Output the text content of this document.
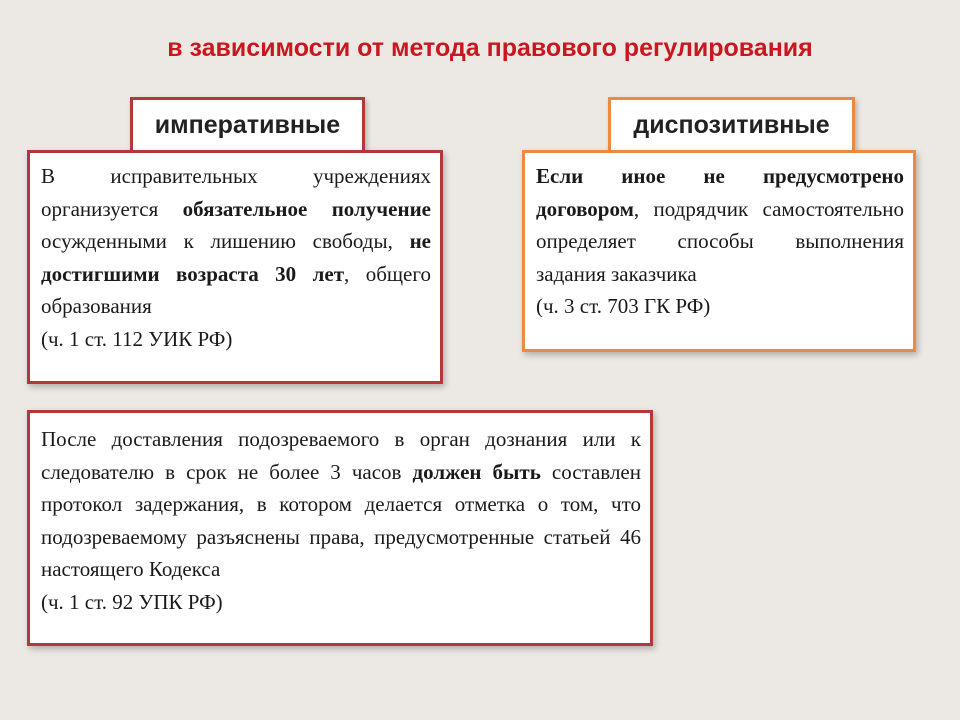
в зависимости от метода правового регулирования
императивные	диспозитивные
В исправительных учреждениях организуется обязательное получение осужденными к лишению свободы, не достигшими возраста 30 лет, общего образования
(ч. 1 ст. 112 УИК РФ)
Если иное не предусмотрено договором, подрядчик самостоятельно определяет способы выполнения задания заказчика
(ч. 3 ст. 703 ГК РФ)
После доставления подозреваемого в орган дознания или к следователю в срок не более 3 часов должен быть составлен протокол задержания, в котором делается отметка о том, что подозреваемому разъяснены права, предусмотренные статьей 46 настоящего Кодекса
(ч. 1 ст. 92 УПК РФ)
